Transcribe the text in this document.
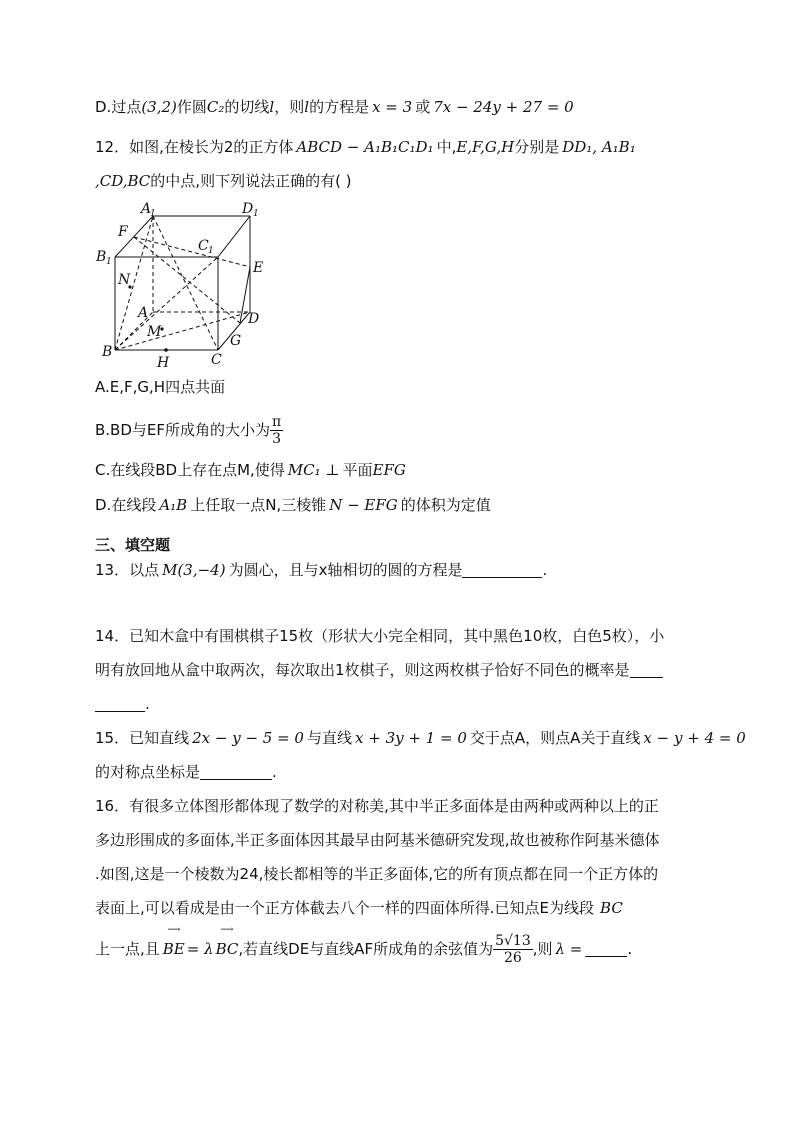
D.过点(3,2)作圆C₂的切线l，则l的方程是 x = 3 或 7x − 24y + 27 = 0
12．如图,在棱长为2的正方体 ABCD − A₁B₁C₁D₁ 中,E,F,G,H分别是 DD₁, A₁B₁
,CD,BC的中点,则下列说法正确的有( )
A
1	D 1
F
C 1
B 1	E
N
A	D
M
G
B
H	C
A.E,F,G,H四点共面
B.BD与EF所成角的大小为 $\frac{\pi}{3}$
C.在线段BD上存在点M,使得 MC₁ ⊥ 平面EFG
D.在线段 A₁B 上任取一点N,三棱锥 N − EFG 的体积为定值
三、填空题
13．以点 M(3,−4) 为圆心，且与x轴相切的圆的方程是	.
14．已知木盒中有围棋棋子15枚（形状大小完全相同，其中黑色10枚，白色5枚），小
明有放回地从盒中取两次，每次取出1枚棋子，则这两枚棋子恰好不同色的概率是
.
15．已知直线 2x − y − 5 = 0 与直线 x + 3y + 1 = 0 交于点A，则点A关于直线 x − y + 4 = 0
的对称点坐标是	.
16．有很多立体图形都体现了数学的对称美,其中半正多面体是由两种或两种以上的正
多边形围成的多面体,半正多面体因其最早由阿基米德研究发现,故也被称作阿基米德体
.如图,这是一个棱数为24,棱长都相等的半正多面体,它的所有顶点都在同一个正方体的
表面上,可以看成是由一个正方体截去八个一样的四面体所得.已知点E为线段 BC
上一点,且
⟶
BE = λ
⟶
BC,若直线DE与直线AF所成角的余弦值为 $\frac{5√13}{26}$ ,则 λ =	.
